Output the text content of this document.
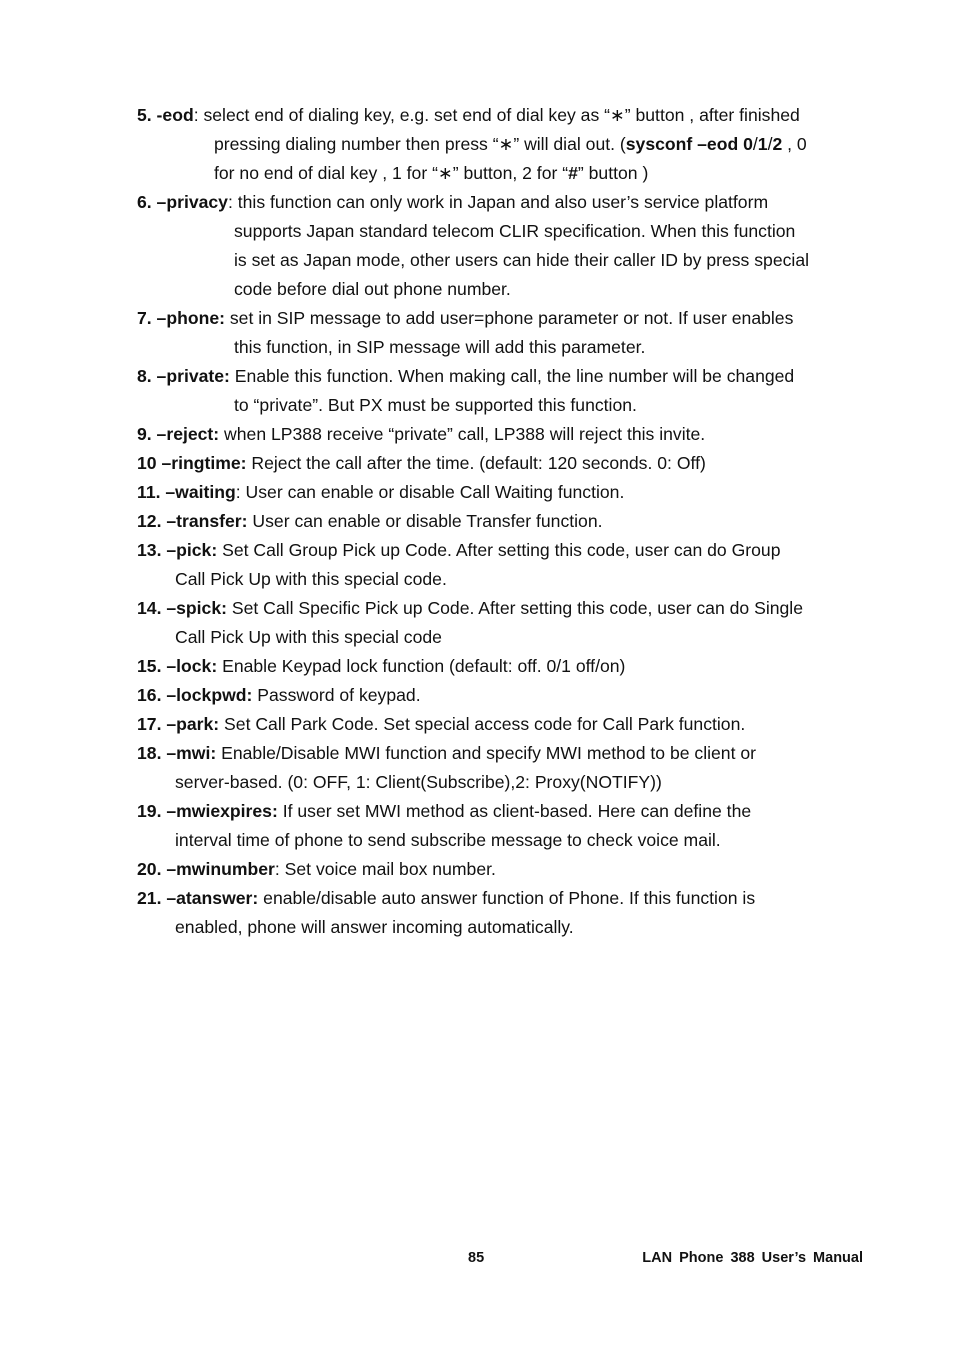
5. -eod: select end of dialing key, e.g. set end of dial key as “∗” button , after finished
pressing dialing number then press “∗” will dial out. (sysconf –eod 0/1/2 , 0
for no end of dial key , 1 for “∗” button, 2 for “#” button )
6. –privacy: this function can only work in Japan and also user’s service platform
supports Japan standard telecom CLIR specification. When this function
is set as Japan mode, other users can hide their caller ID by press special
code before dial out phone number.
7. –phone: set in SIP message to add user=phone parameter or not. If user enables
this function, in SIP message will add this parameter.
8. –private: Enable this function. When making call, the line number will be changed
to “private”. But PX must be supported this function.
9. –reject: when LP388 receive “private” call, LP388 will reject this invite.
10 –ringtime: Reject the call after the time. (default: 120 seconds. 0: Off)
11. –waiting: User can enable or disable Call Waiting function.
12. –transfer: User can enable or disable Transfer function.
13. –pick: Set Call Group Pick up Code. After setting this code, user can do Group
Call Pick Up with this special code.
14. –spick: Set Call Specific Pick up Code. After setting this code, user can do Single
Call Pick Up with this special code
15. –lock: Enable Keypad lock function (default: off. 0/1 off/on)
16. –lockpwd: Password of keypad.
17. –park: Set Call Park Code. Set special access code for Call Park function.
18. –mwi: Enable/Disable MWI function and specify MWI method to be client or
server-based. (0: OFF, 1: Client(Subscribe),2: Proxy(NOTIFY))
19. –mwiexpires: If user set MWI method as client-based. Here can define the
interval time of phone to send subscribe message to check voice mail.
20. –mwinumber: Set voice mail box number.
21. –atanswer: enable/disable auto answer function of Phone. If this function is
enabled, phone will answer incoming automatically.
85	LAN Phone 388 User’s Manual
